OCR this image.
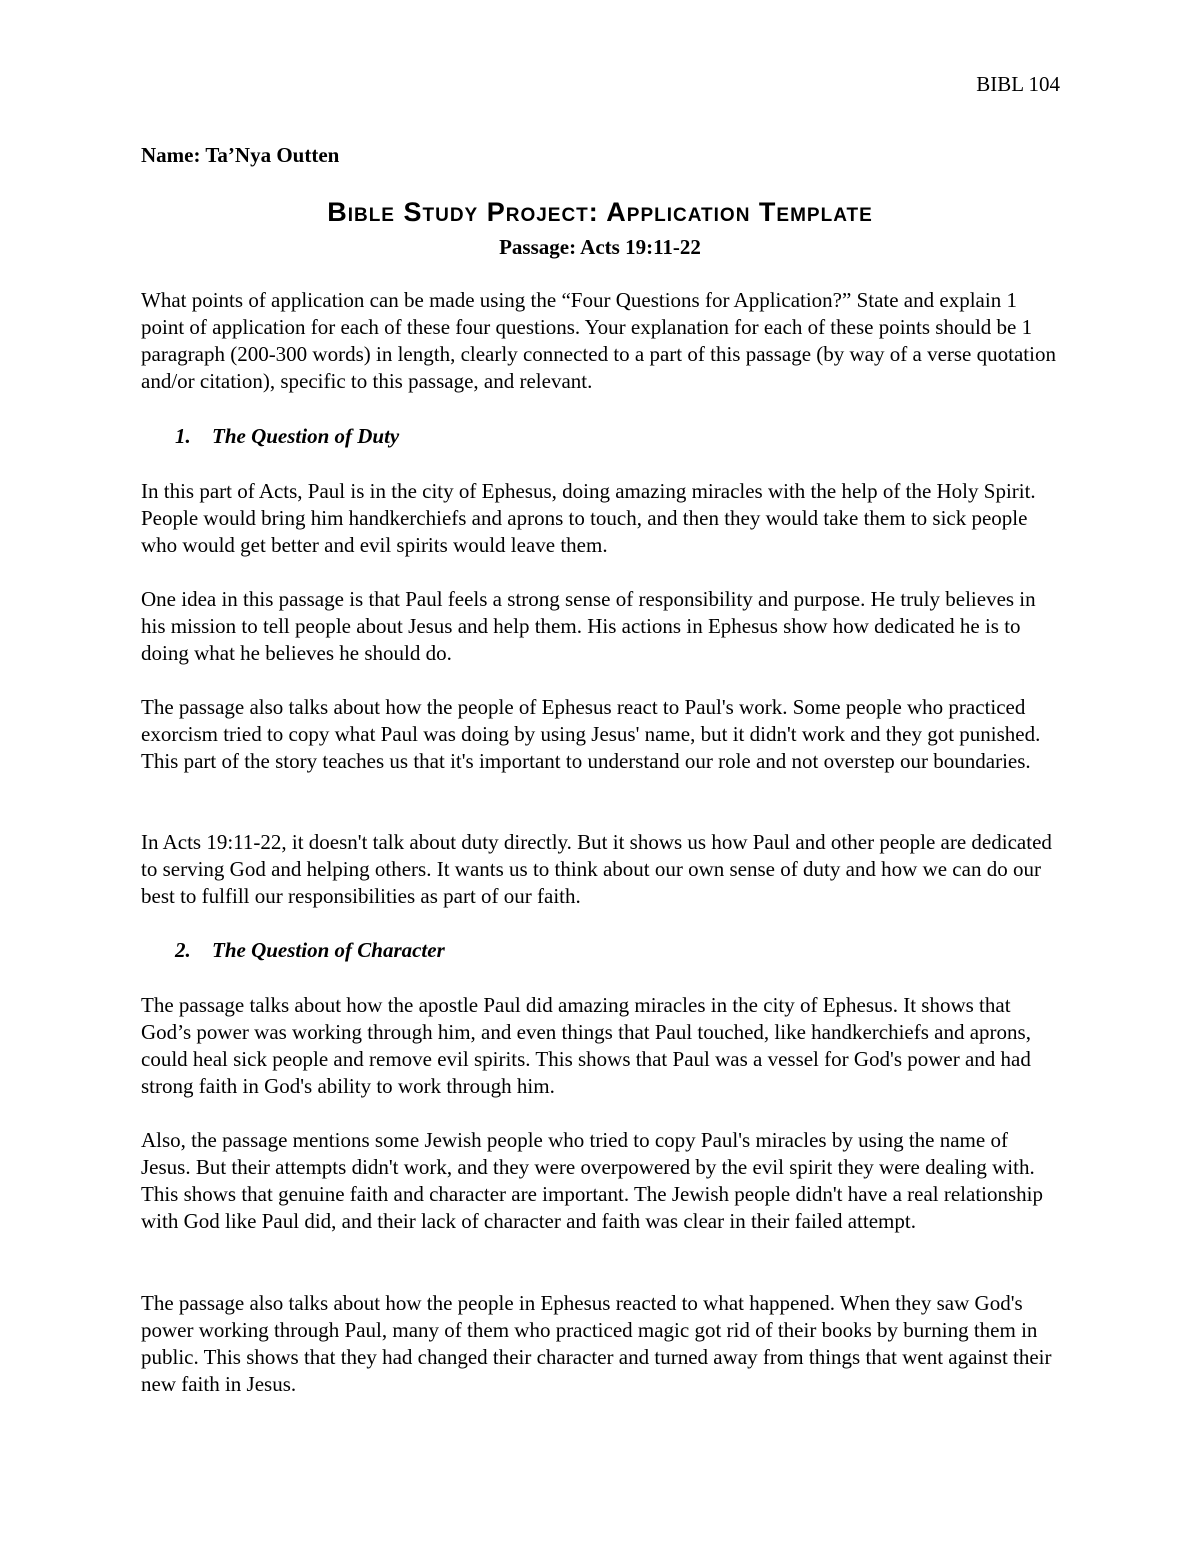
BIBL 104
Name: Ta’Nya Outten
Bible Study Project: Application Template
Passage: Acts 19:11-22

What points of application can be made using the “Four Questions for Application?” State and explain 1 point of application for each of these four questions. Your explanation for each of these points should be 1 paragraph (200-300 words) in length, clearly connected to a part of this passage (by way of a verse quotation and/or citation), specific to this passage, and relevant.

1. The Question of Duty

In this part of Acts, Paul is in the city of Ephesus, doing amazing miracles with the help of the Holy Spirit. People would bring him handkerchiefs and aprons to touch, and then they would take them to sick people who would get better and evil spirits would leave them.

One idea in this passage is that Paul feels a strong sense of responsibility and purpose. He truly believes in his mission to tell people about Jesus and help them. His actions in Ephesus show how dedicated he is to doing what he believes he should do.

The passage also talks about how the people of Ephesus react to Paul's work. Some people who practiced exorcism tried to copy what Paul was doing by using Jesus' name, but it didn't work and they got punished. This part of the story teaches us that it's important to understand our role and not overstep our boundaries.

In Acts 19:11-22, it doesn't talk about duty directly. But it shows us how Paul and other people are dedicated to serving God and helping others. It wants us to think about our own sense of duty and how we can do our best to fulfill our responsibilities as part of our faith.

2. The Question of Character

The passage talks about how the apostle Paul did amazing miracles in the city of Ephesus. It shows that God’s power was working through him, and even things that Paul touched, like handkerchiefs and aprons, could heal sick people and remove evil spirits. This shows that Paul was a vessel for God's power and had strong faith in God's ability to work through him.

Also, the passage mentions some Jewish people who tried to copy Paul's miracles by using the name of Jesus. But their attempts didn't work, and they were overpowered by the evil spirit they were dealing with. This shows that genuine faith and character are important. The Jewish people didn't have a real relationship with God like Paul did, and their lack of character and faith was clear in their failed attempt.

The passage also talks about how the people in Ephesus reacted to what happened. When they saw God's power working through Paul, many of them who practiced magic got rid of their books by burning them in public. This shows that they had changed their character and turned away from things that went against their new faith in Jesus.
